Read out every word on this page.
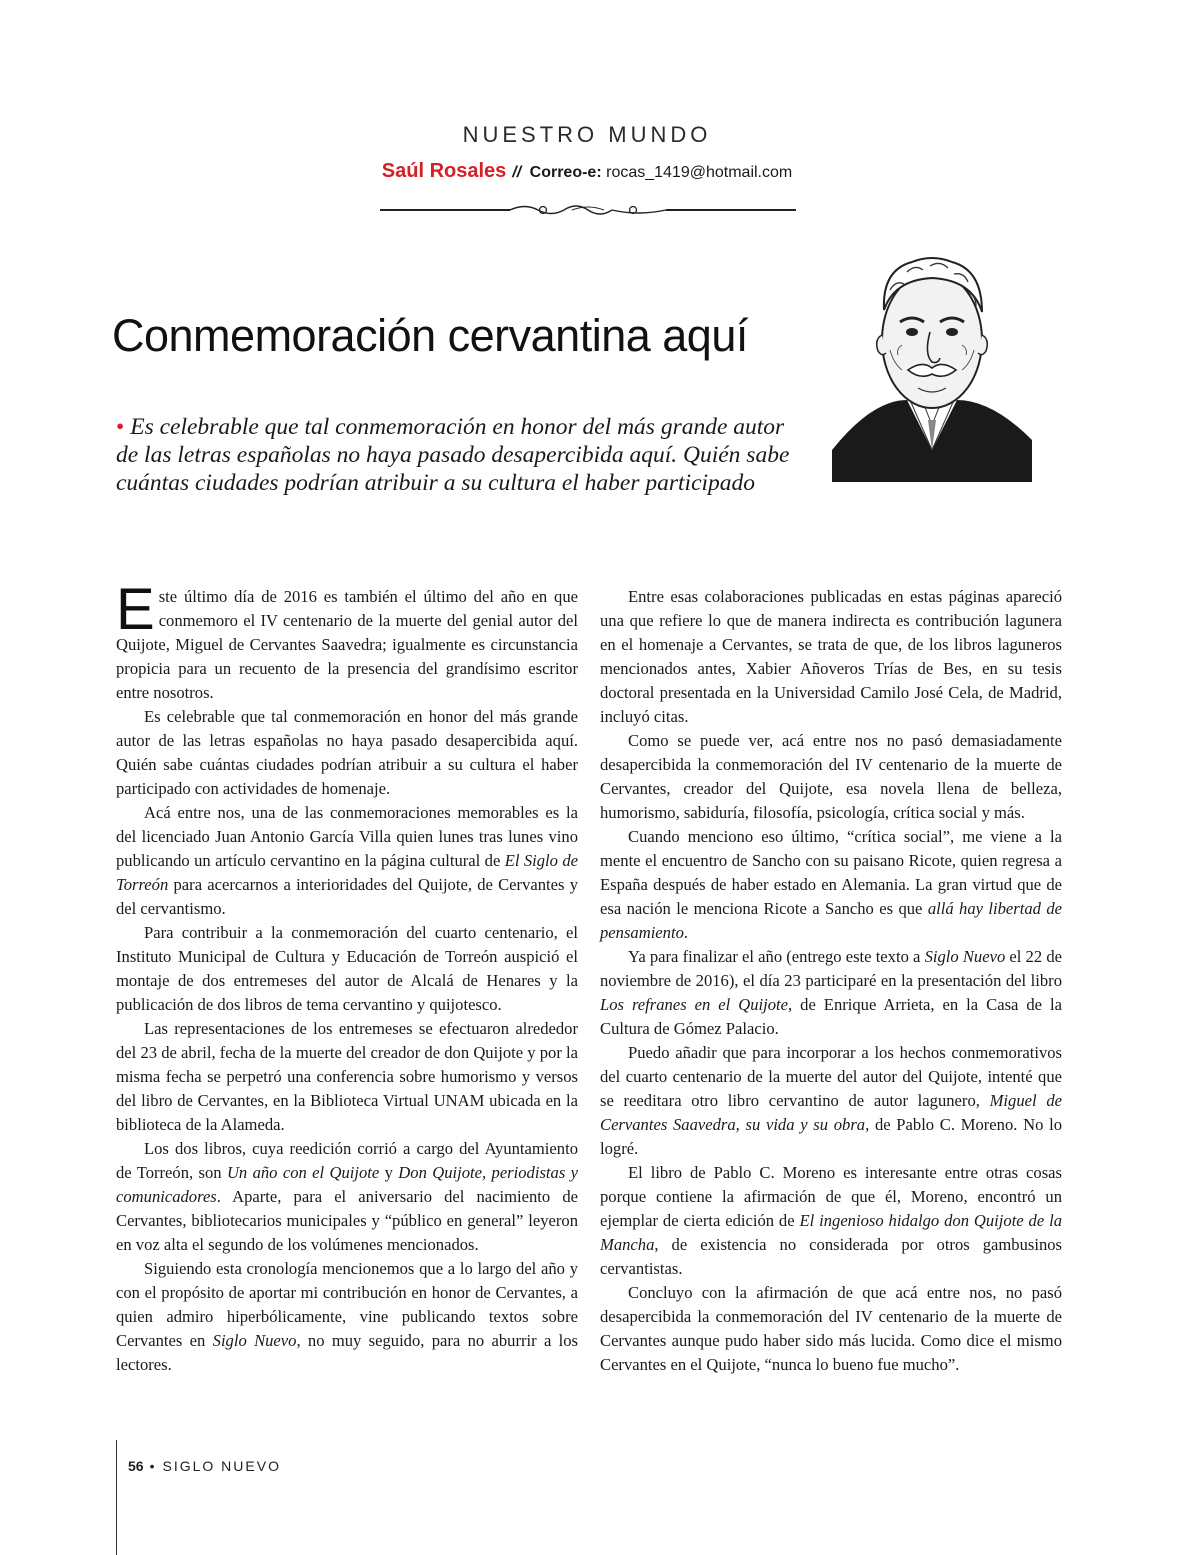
NUESTRO MUNDO
Saúl Rosales // Correo-e: rocas_1419@hotmail.com
Conmemoración cervantina aquí
• Es celebrable que tal conmemoración en honor del más grande autor de las letras españolas no haya pasado desapercibida aquí. Quién sabe cuántas ciudades podrían atribuir a su cultura el haber participado

Este último día de 2016 es también el último del año en que conmemoro el IV centenario de la muerte del genial autor del Quijote, Miguel de Cervantes Saavedra; igualmente es circunstancia propicia para un recuento de la presencia del grandísimo escritor entre nosotros.

Es celebrable que tal conmemoración en honor del más grande autor de las letras españolas no haya pasado desapercibida aquí. Quién sabe cuántas ciudades podrían atribuir a su cultura el haber participado con actividades de homenaje.

Acá entre nos, una de las conmemoraciones memorables es la del licenciado Juan Antonio García Villa quien lunes tras lunes vino publicando un artículo cervantino en la página cultural de El Siglo de Torreón para acercarnos a interioridades del Quijote, de Cervantes y del cervantismo.

Para contribuir a la conmemoración del cuarto centenario, el Instituto Municipal de Cultura y Educación de Torreón auspició el montaje de dos entremeses del autor de Alcalá de Henares y la publicación de dos libros de tema cervantino y quijotesco.

Las representaciones de los entremeses se efectuaron alrededor del 23 de abril, fecha de la muerte del creador de don Quijote y por la misma fecha se perpetró una conferencia sobre humorismo y versos del libro de Cervantes, en la Biblioteca Virtual UNAM ubicada en la biblioteca de la Alameda.

Los dos libros, cuya reedición corrió a cargo del Ayuntamiento de Torreón, son Un año con el Quijote y Don Quijote, periodistas y comunicadores. Aparte, para el aniversario del nacimiento de Cervantes, bibliotecarios municipales y “público en general” leyeron en voz alta el segundo de los volúmenes mencionados.

Siguiendo esta cronología mencionemos que a lo largo del año y con el propósito de aportar mi contribución en honor de Cervantes, a quien admiro hiperbólicamente, vine publicando textos sobre Cervantes en Siglo Nuevo, no muy seguido, para no aburrir a los lectores.

Entre esas colaboraciones publicadas en estas páginas apareció una que refiere lo que de manera indirecta es contribución lagunera en el homenaje a Cervantes, se trata de que, de los libros laguneros mencionados antes, Xabier Añoveros Trías de Bes, en su tesis doctoral presentada en la Universidad Camilo José Cela, de Madrid, incluyó citas.

Como se puede ver, acá entre nos no pasó demasiadamente desapercibida la conmemoración del IV centenario de la muerte de Cervantes, creador del Quijote, esa novela llena de belleza, humorismo, sabiduría, filosofía, psicología, crítica social y más.

Cuando menciono eso último, “crítica social”, me viene a la mente el encuentro de Sancho con su paisano Ricote, quien regresa a España después de haber estado en Alemania. La gran virtud que de esa nación le menciona Ricote a Sancho es que allá hay libertad de pensamiento.

Ya para finalizar el año (entrego este texto a Siglo Nuevo el 22 de noviembre de 2016), el día 23 participaré en la presentación del libro Los refranes en el Quijote, de Enrique Arrieta, en la Casa de la Cultura de Gómez Palacio.

Puedo añadir que para incorporar a los hechos conmemorativos del cuarto centenario de la muerte del autor del Quijote, intenté que se reeditara otro libro cervantino de autor lagunero, Miguel de Cervantes Saavedra, su vida y su obra, de Pablo C. Moreno. No lo logré.

El libro de Pablo C. Moreno es interesante entre otras cosas porque contiene la afirmación de que él, Moreno, encontró un ejemplar de cierta edición de El ingenioso hidalgo don Quijote de la Mancha, de existencia no considerada por otros gambusinos cervantistas.

Concluyo con la afirmación de que acá entre nos, no pasó desapercibida la conmemoración del IV centenario de la muerte de Cervantes aunque pudo haber sido más lucida. Como dice el mismo Cervantes en el Quijote, “nunca lo bueno fue mucho”.

56 • SIGLO NUEVO
